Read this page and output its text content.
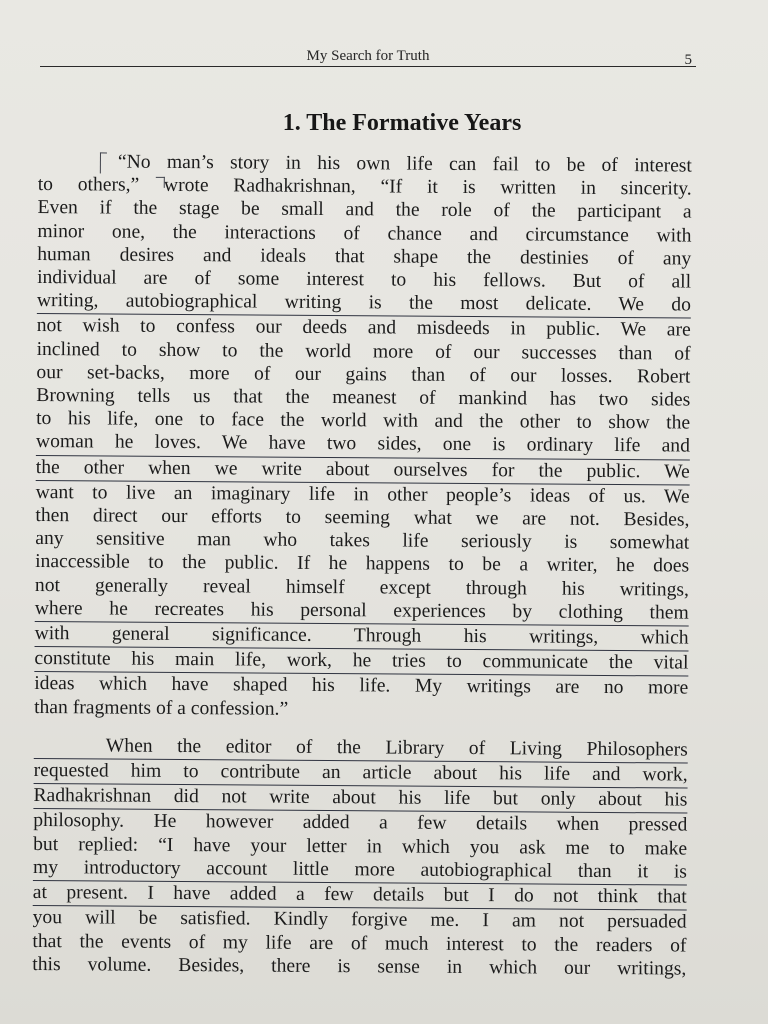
My Search for Truth	5
1. The Formative Years
“No man’s story in his own life can fail to be of interest
to others,” wrote Radhakrishnan, “If it is written in sincerity.
Even if the stage be small and the role of the participant a
minor one, the interactions of chance and circumstance with
human desires and ideals that shape the destinies of any
individual are of some interest to his fellows. But of all
writing, autobiographical writing is the most delicate. We do
not wish to confess our deeds and misdeeds in public. We are
inclined to show to the world more of our successes than of
our set-backs, more of our gains than of our losses. Robert
Browning tells us that the meanest of mankind has two sides
to his life, one to face the world with and the other to show the
woman he loves. We have two sides, one is ordinary life and
the other when we write about ourselves for the public. We
want to live an imaginary life in other people’s ideas of us. We
then direct our efforts to seeming what we are not. Besides,
any sensitive man who takes life seriously is somewhat
inaccessible to the public. If he happens to be a writer, he does
not generally reveal himself except through his writings,
where he recreates his personal experiences by clothing them
with general significance. Through his writings, which
constitute his main life, work, he tries to communicate the vital
ideas which have shaped his life. My writings are no more
than fragments of a confession.”
When the editor of the Library of Living Philosophers
requested him to contribute an article about his life and work,
Radhakrishnan did not write about his life but only about his
philosophy. He however added a few details when pressed
but replied: “I have your letter in which you ask me to make
my introductory account little more autobiographical than it is
at present. I have added a few details but I do not think that
you will be satisfied. Kindly forgive me. I am not persuaded
that the events of my life are of much interest to the readers of
this volume. Besides, there is sense in which our writings,
